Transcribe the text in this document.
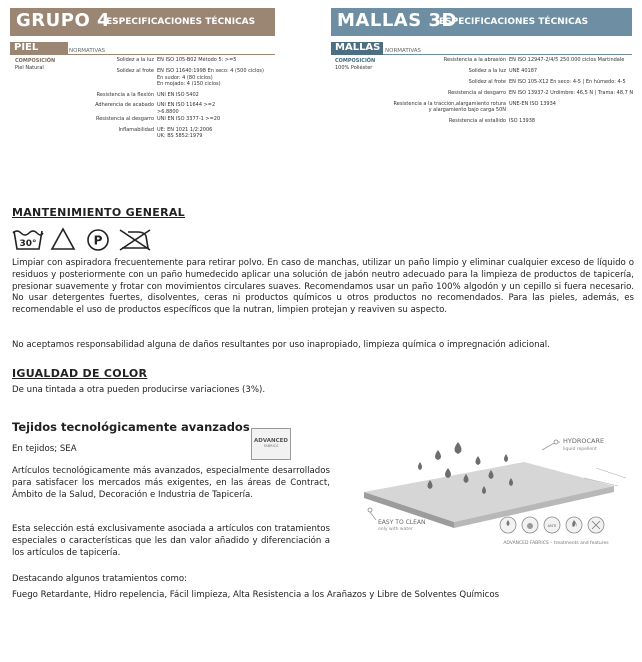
GRUPO 4
ESPECIFICACIONES TÉCNICAS
PIEL	NORMATIVAS
COMPOSICIÓN
Piel Natural
Solidez a la luz EN ISO 105-B02 Método 5: >=5
Solidez al frote EN ISO 11640:1998 En seco: 4 (500 ciclos)
En sudor: 4 (80 ciclos)
En mojado: 4 (150 ciclos)
Resistencia a la flexión UNI EN ISO 5402
Adherencia de acabado UNI EN ISO 11644 >=2
>6.8800
Resistencia al desgarro UNI EN ISO 3377-1 >=20
Inflamabilidad UE: EN 1021 1/2:2006
UK: BS 5852:1979
MALLAS 3D
ESPECIFICACIONES TÉCNICAS
MALLAS NORMATIVAS
COMPOSICIÓN
100% Poliéster
Resistencia a la abrasión EN ISO 12947-2/4/5 250.000 ciclos Martindale
Solidez a la luz UNE 40187
Solidez al frote EN ISO 105-X12 En seco: 4-5 | En húmedo: 4-5
Resistencia al desgarro EN ISO 13937-2 Urdimbre: 46,5 N | Trama: 48,7 N
Resistencia a la tracción,alargamiento rotura UNE-EN ISO 13934
y alargamiento bajo carga 50N
Resistencia al estallido ISO 13938
MANTENIMIENTO GENERAL
30°	P
Limpiar con aspiradora frecuentemente para retirar polvo. En caso de manchas, utilizar un paño limpio y eliminar cualquier exceso de líquido o residuos y posteriormente con un paño humedecido aplicar una solución de jabón neutro adecuado para la limpieza de productos de tapicería, presionar suavemente y frotar con movimientos circulares suaves. Recomendamos usar un paño 100% algodón y un cepillo si fuera necesario. No usar detergentes fuertes, disolventes, ceras ni productos químicos u otros productos no recomendados. Para las pieles, además, es recomendable el uso de productos específicos que la nutran, limpien protejan y reaviven su aspecto.
No aceptamos responsabilidad alguna de daños resultantes por uso inapropiado, limpieza química o impregnación adicional.
IGUALDAD DE COLOR
De una tintada a otra pueden producirse variaciones (3%).
Tejidos tecnológicamente avanzados
ADVANCED
FABRICS
En tejidos; SEA
Artículos tecnológicamente más avanzados, especialmente desarrollados para satisfacer los mercados más exigentes, en las áreas de Contract, Ámbito de la Salud, Decoración e Industria de Tapicería.
Esta selección está exclusivamente asociada a artículos con tratamientos especiales o características que les dan valor añadido y diferenciación a los artículos de tapicería.
Destacando algunos tratamientos como:
Fuego Retardante, Hidro repelencia, Fácil limpieza, Alta Resistencia a los Arañazos y Libre de Solventes Químicos
HYDROCARE
liquid repellent
EASY TO CLEAN
only with water
ANTI
ADVANCED FABRICS – treatments and features
